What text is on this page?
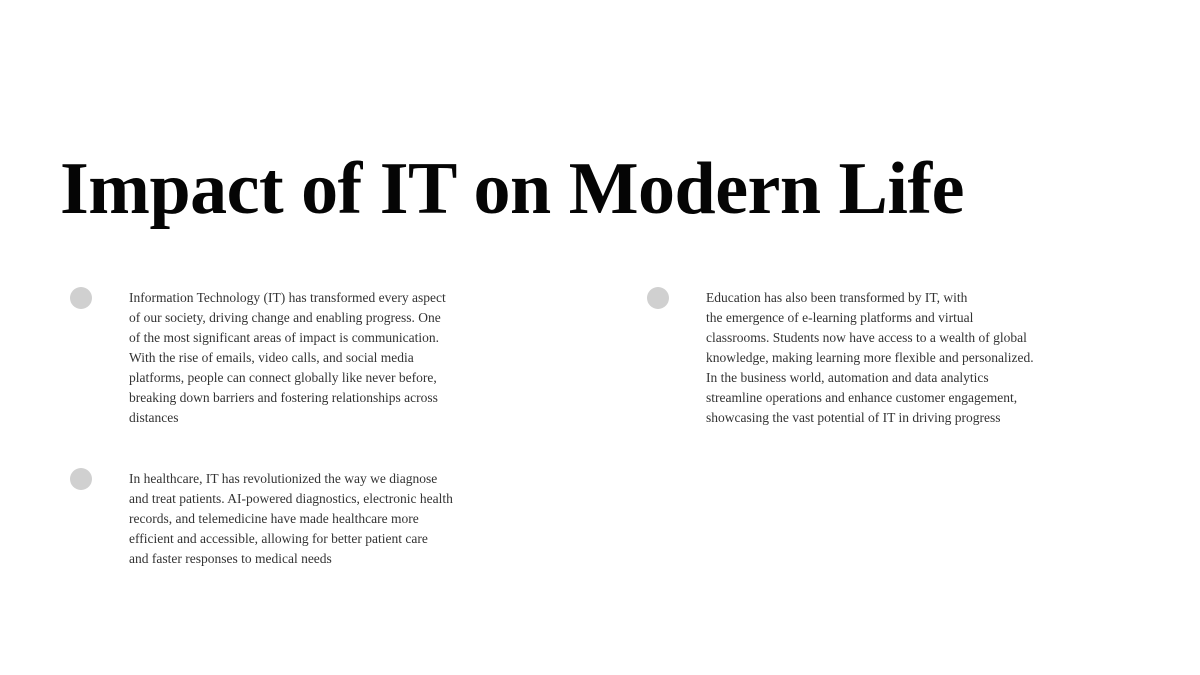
Impact of IT on Modern Life
Information Technology (IT) has transformed every aspect
of our society, driving change and enabling progress. One
of the most significant areas of impact is communication.
With the rise of emails, video calls, and social media
platforms, people can connect globally like never before,
breaking down barriers and fostering relationships across
distances
Education has also been transformed by IT, with
the emergence of e-learning platforms and virtual
classrooms. Students now have access to a wealth of global
knowledge, making learning more flexible and personalized.
In the business world, automation and data analytics
streamline operations and enhance customer engagement,
showcasing the vast potential of IT in driving progress
In healthcare, IT has revolutionized the way we diagnose
and treat patients. AI-powered diagnostics, electronic health
records, and telemedicine have made healthcare more
efficient and accessible, allowing for better patient care
and faster responses to medical needs
